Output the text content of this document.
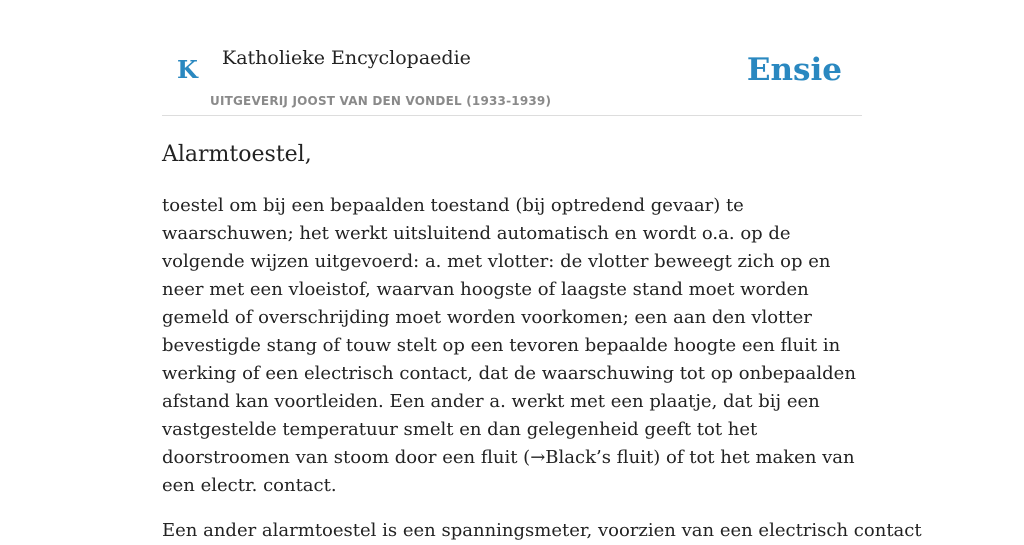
K Katholieke Encyclopaedie
UITGEVERIJ JOOST VAN DEN VONDEL (1933-1939)
Ensie
Alarmtoestel,

toestel om bij een bepaalden toestand (bij optredend gevaar) te waarschuwen; het werkt uitsluitend automatisch en wordt o.a. op de volgende wijzen uitgevoerd: a. met vlotter: de vlotter beweegt zich op en neer met een vloeistof, waarvan hoogste of laagste stand moet worden gemeld of overschrijding moet worden voorkomen; een aan den vlotter bevestigde stang of touw stelt op een tevoren bepaalde hoogte een fluit in werking of een electrisch contact, dat de waarschuwing tot op onbepaalden afstand kan voortleiden. Een ander a. werkt met een plaatje, dat bij een vastgestelde temperatuur smelt en dan gelegenheid geeft tot het doorstroomen van stoom door een fluit (→Black’s fluit) of tot het maken van een electr. contact.

Een ander alarmtoestel is een spanningsmeter, voorzien van een electrisch contact
